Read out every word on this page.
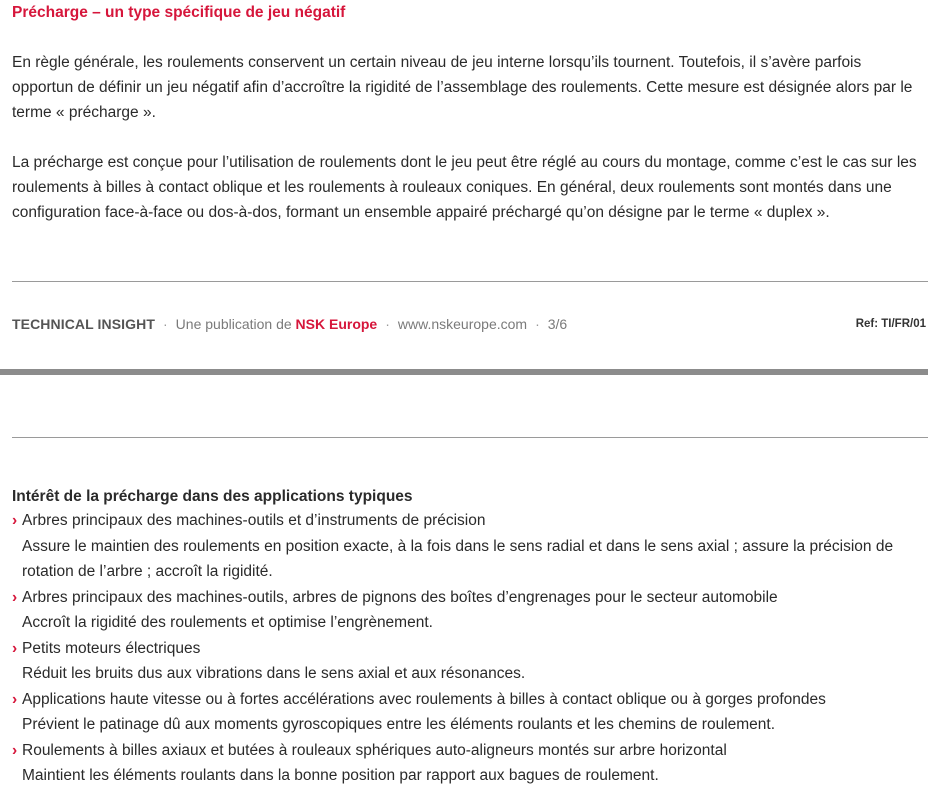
Précharge – un type spécifique de jeu négatif

En règle générale, les roulements conservent un certain niveau de jeu interne lorsqu’ils tournent. Toutefois, il s’avère parfois opportun de définir un jeu négatif afin d’accroître la rigidité de l’assemblage des roulements. Cette mesure est désignée alors par le terme « précharge ».

La précharge est conçue pour l’utilisation de roulements dont le jeu peut être réglé au cours du montage, comme c’est le cas sur les roulements à billes à contact oblique et les roulements à rouleaux coniques. En général, deux roulements sont montés dans une configuration face-à-face ou dos-à-dos, formant un ensemble appairé préchargé qu’on désigne par le terme « duplex ».

TECHNICAL INSIGHT · Une publication de NSK Europe · www.nskeurope.com · 3/6	Ref: TI/FR/01
Intérêt de la précharge dans des applications typiques
› Arbres principaux des machines-outils et d’instruments de précision
Assure le maintien des roulements en position exacte, à la fois dans le sens radial et dans le sens axial ; assure la précision de rotation de l’arbre ; accroît la rigidité.
› Arbres principaux des machines-outils, arbres de pignons des boîtes d’engrenages pour le secteur automobile
Accroît la rigidité des roulements et optimise l’engrènement.
› Petits moteurs électriques
Réduit les bruits dus aux vibrations dans le sens axial et aux résonances.
› Applications haute vitesse ou à fortes accélérations avec roulements à billes à contact oblique ou à gorges profondes
Prévient le patinage dû aux moments gyroscopiques entre les éléments roulants et les chemins de roulement.
› Roulements à billes axiaux et butées à rouleaux sphériques auto-aligneurs montés sur arbre horizontal
Maintient les éléments roulants dans la bonne position par rapport aux bagues de roulement.
